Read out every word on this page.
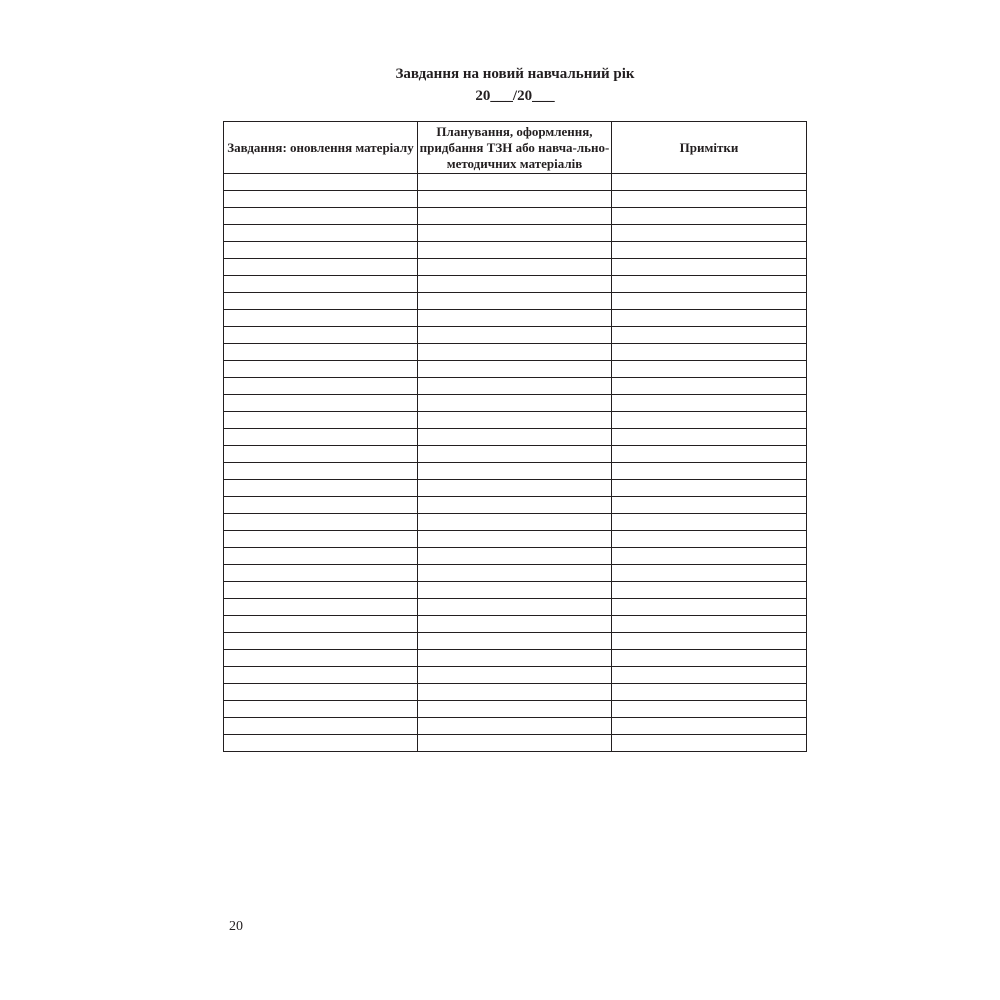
Завдання на новий навчальний рік
20___/20___
Завдання: оновлення матеріалу	Планування, оформлення, придбання ТЗН або навча-льно-методичних матеріалів	Примітки

20
